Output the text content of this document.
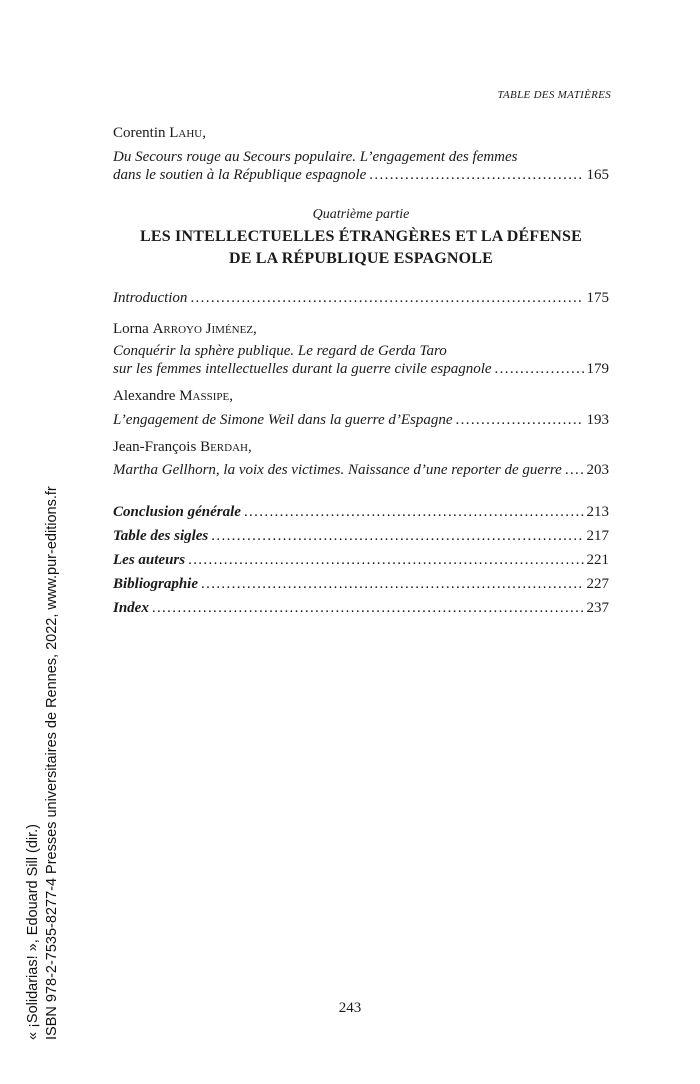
TABLE DES MATIÈRES
Corentin Lahu,
Du Secours rouge au Secours populaire. L’engagement des femmes
dans le soutien à la République espagnole . . .	165
Quatrième partie
LES INTELLECTUELLES ÉTRANGÈRES ET LA DÉFENSE
DE LA RÉPUBLIQUE ESPAGNOLE
Introduction . . .	175
Lorna Arroyo Jiménez,
Conquérir la sphère publique. Le regard de Gerda Taro
sur les femmes intellectuelles durant la guerre civile espagnole . . .	179
Alexandre Massipe,
L’engagement de Simone Weil dans la guerre d’Espagne . . .	193
Jean-François Berdah,
Martha Gellhorn, la voix des victimes. Naissance d’une reporter de guerre . . . 203
Conclusion générale . . .	213
Table des sigles . . .	217
Les auteurs . . .	221
Bibliographie . . .	227
Index . . .	237
243
« ¡Solidarias! », Edouard Sill (dir.) ISBN 978-2-7535-8277-4 Presses universitaires de Rennes, 2022, www.pur-editions.fr
